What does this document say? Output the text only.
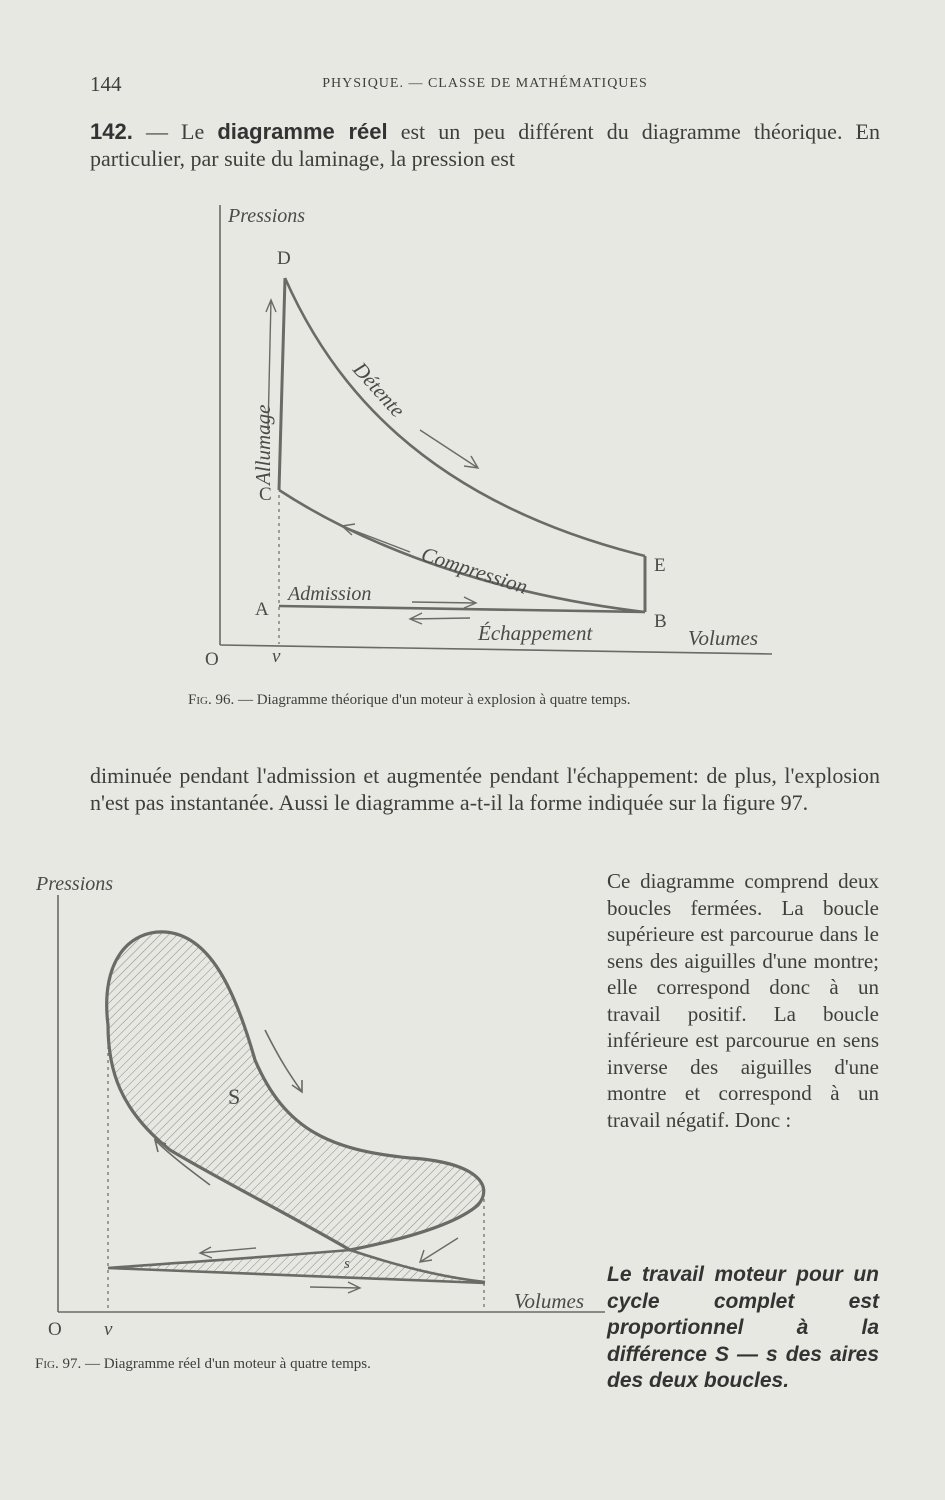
144	PHYSIQUE. — CLASSE DE MATHÉMATIQUES
142. — Le diagramme réel est un peu différent du diagramme théorique. En particulier, par suite du laminage, la pression est
Pressions
Volumes
O	v
A
B
C
D
E
Allumage
Détente
Compression
Admission
Échappement
Fig. 96. — Diagramme théorique d'un moteur à explosion à quatre temps.
diminuée pendant l'admission et augmentée pendant l'échappement: de plus, l'explosion n'est pas instantanée. Aussi le diagramme a-t-il la forme indiquée sur la figure 97.
Pressions
Volumes
O v
S
s
Fig. 97. — Diagramme réel d'un moteur à quatre temps.
Ce diagramme comprend deux boucles fermées. La boucle supérieure est parcourue dans le sens des aiguilles d'une montre; elle correspond donc à un travail positif. La boucle inférieure est parcourue en sens inverse des aiguilles d'une montre et correspond à un travail négatif. Donc :
Le travail moteur pour un cycle complet est proportionnel à la différence S — s des aires des deux boucles.
